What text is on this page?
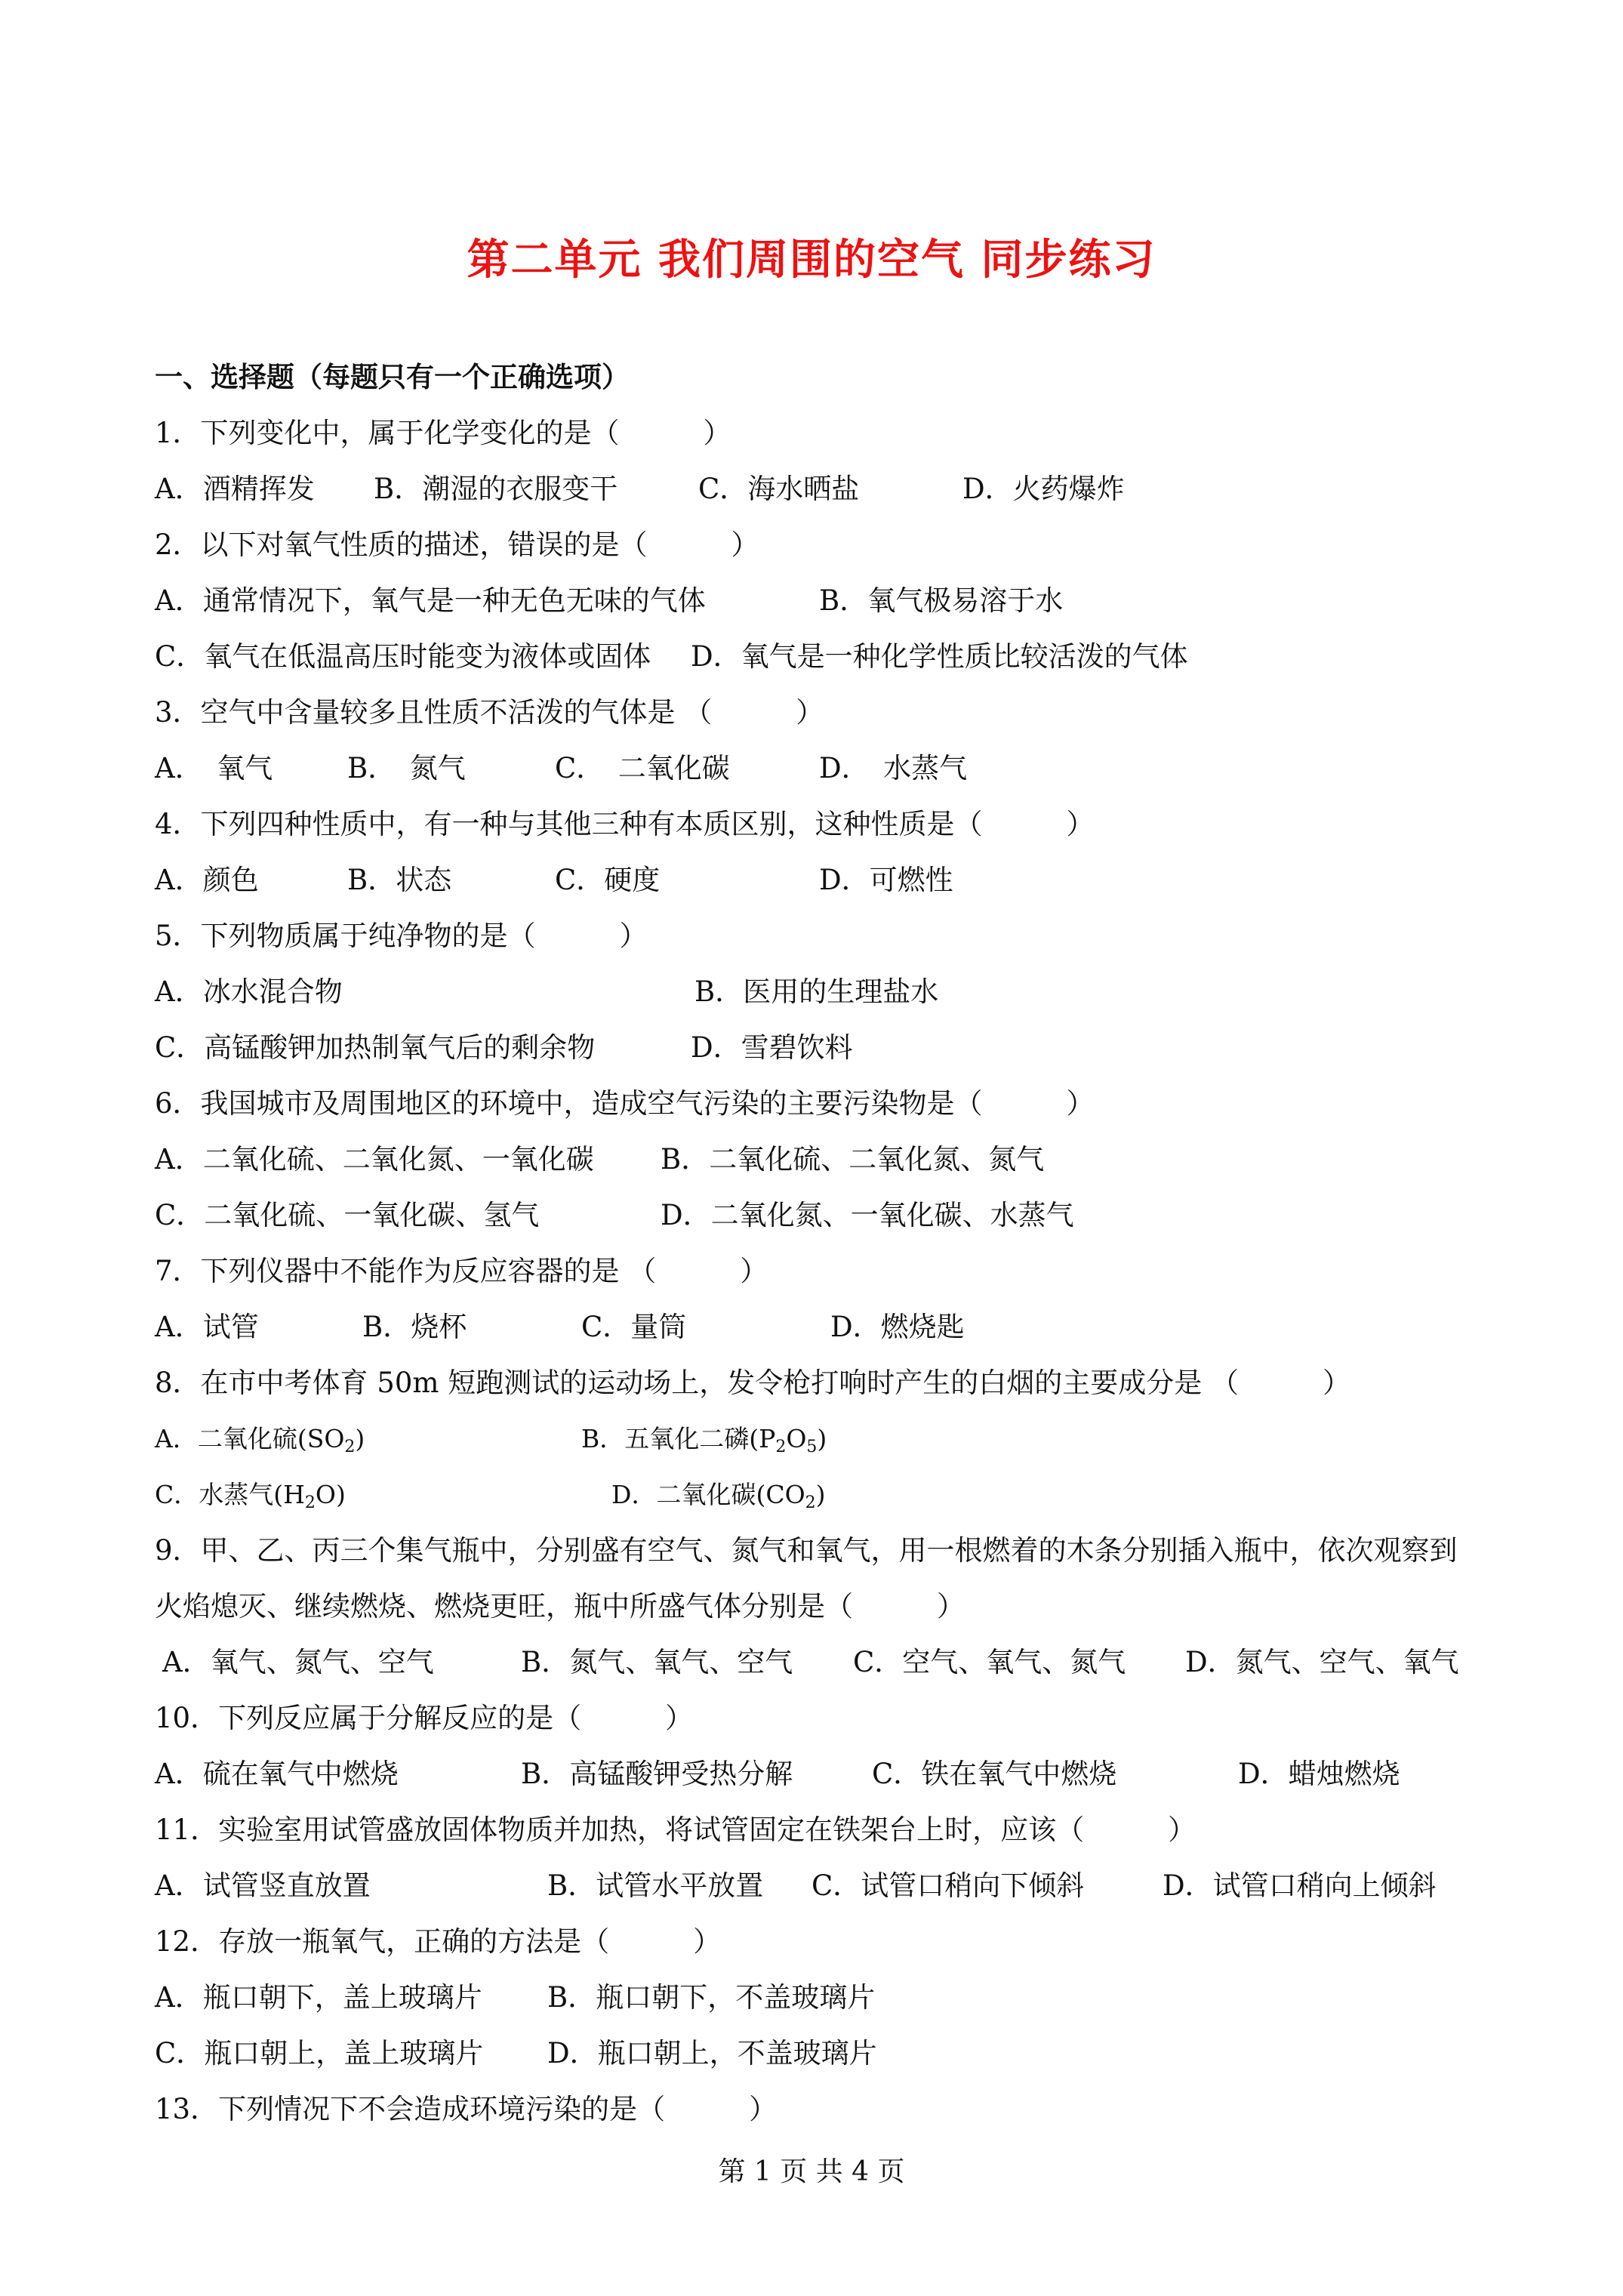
第二单元 我们周围的空气 同步练习
一、选择题（每题只有一个正确选项）
1．下列变化中，属于化学变化的是（　　　）
A．酒精挥发 B．潮湿的衣服变干	C．海水晒盐	D．火药爆炸
2．以下对氧气性质的描述，错误的是（　　　）
A．通常情况下，氧气是一种无色无味的气体	B．氧气极易溶于水
C．氧气在低温高压时能变为液体或固体 D．氧气是一种化学性质比较活泼的气体
3．空气中含量较多且性质不活泼的气体是 （　　　）
A．　氧气	B．　氮气	C．　二氧化碳	D．　水蒸气
4．下列四种性质中，有一种与其他三种有本质区别，这种性质是（　　　）
A．颜色	B．状态	C．硬度	D．可燃性
5．下列物质属于纯净物的是（　　　）
A．冰水混合物	B．医用的生理盐水
C．高锰酸钾加热制氧气后的剩余物	D．雪碧饮料
6．我国城市及周围地区的环境中，造成空气污染的主要污染物是（　　　）
A．二氧化硫、二氧化氮、一氧化碳 B．二氧化硫、二氧化氮、氮气
C．二氧化硫、一氧化碳、氢气	D．二氧化氮、一氧化碳、水蒸气
7．下列仪器中不能作为反应容器的是 （　　　）
A．试管	B．烧杯	C．量筒	D．燃烧匙
8．在市中考体育 50m 短跑测试的运动场上，发令枪打响时产生的白烟的主要成分是 （　　　）
A．二氧化硫$(SO_2)$	B．五氧化二磷$(P_2O_5)$
C．水蒸气$(H_2O)$	D．二氧化碳$(CO_2)$
9．甲、乙、丙三个集气瓶中，分别盛有空气、氮气和氧气，用一根燃着的木条分别插入瓶中，依次观察到
火焰熄灭、继续燃烧、燃烧更旺，瓶中所盛气体分别是（　　　）
A．氧气、氮气、空气	B．氮气、氧气、空气 C．空气、氧气、氮气 D．氮气、空气、氧气
10．下列反应属于分解反应的是（　　　）
A．硫在氧气中燃烧	B．高锰酸钾受热分解	C．铁在氧气中燃烧	D．蜡烛燃烧
11．实验室用试管盛放固体物质并加热，将试管固定在铁架台上时，应该（　　　）
A．试管竖直放置	B．试管水平放置 C．试管口稍向下倾斜	D．试管口稍向上倾斜
12．存放一瓶氧气，正确的方法是（　　　）
A．瓶口朝下，盖上玻璃片 B．瓶口朝下，不盖玻璃片
C．瓶口朝上，盖上玻璃片 D．瓶口朝上，不盖玻璃片
13．下列情况下不会造成环境污染的是（　　　）
第 1 页 共 4 页
